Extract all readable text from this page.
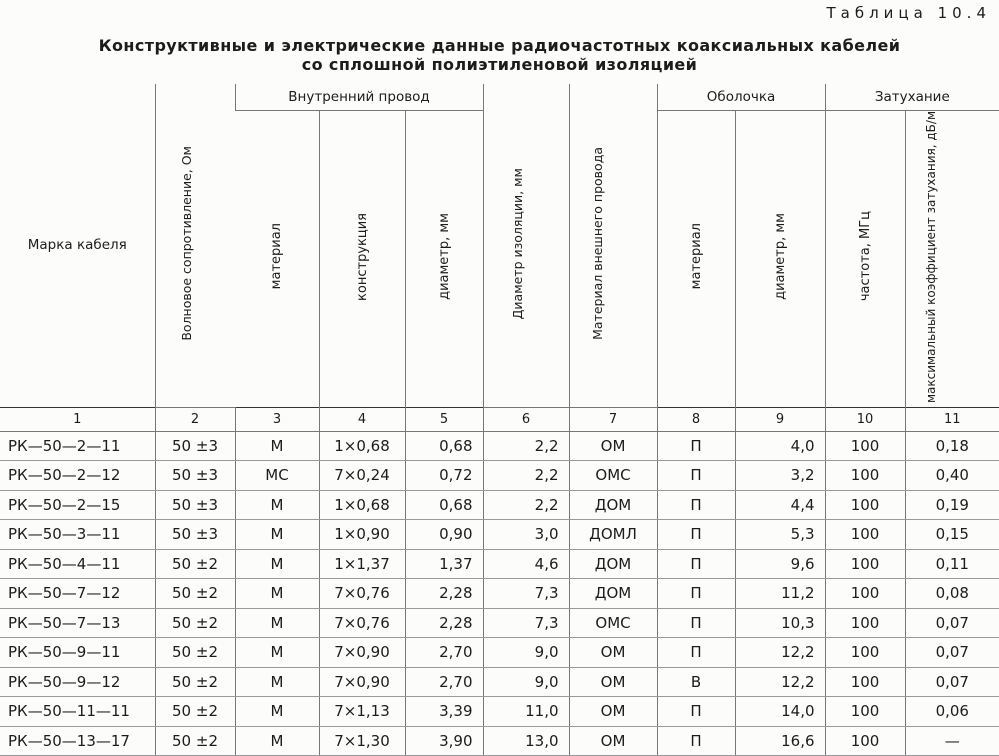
Таблица 10.4
Конструктивные и электрические данные радиочастотных коаксиальных кабелей
со сплошной полиэтиленовой изоляцией
Марка кабеля	Волновое сопротивление, Ом	Внутренний провод			Диаметр изоляции, мм	Материал внешнего провода	Оболочка		Затухание	
		материал	конструкция	диаметр, мм			материал	диаметр, мм	частота, МГц	максимальный коэффициент затухания, дБ/м
1	2	3	4	5	6	7	8	9	10	11
РК—50—2—11	50 ±3	М	1×0,68	0,68	2,2	ОМ	П	4,0	100	0,18
РК—50—2—12	50 ±3	МС	7×0,24	0,72	2,2	ОМС	П	3,2	100	0,40
РК—50—2—15	50 ±3	М	1×0,68	0,68	2,2	ДОМ	П	4,4	100	0,19
РК—50—3—11	50 ±3	М	1×0,90	0,90	3,0	ДОМЛ	П	5,3	100	0,15
РК—50—4—11	50 ±2	М	1×1,37	1,37	4,6	ДОМ	П	9,6	100	0,11
РК—50—7—12	50 ±2	М	7×0,76	2,28	7,3	ДОМ	П	11,2	100	0,08
РК—50—7—13	50 ±2	М	7×0,76	2,28	7,3	ОМС	П	10,3	100	0,07
РК—50—9—11	50 ±2	М	7×0,90	2,70	9,0	ОМ	П	12,2	100	0,07
РК—50—9—12	50 ±2	М	7×0,90	2,70	9,0	ОМ	В	12,2	100	0,07
РК—50—11—11	50 ±2	М	7×1,13	3,39	11,0	ОМ	П	14,0	100	0,06
РК—50—13—17	50 ±2	М	7×1,30	3,90	13,0	ОМ	П	16,6	100	—
